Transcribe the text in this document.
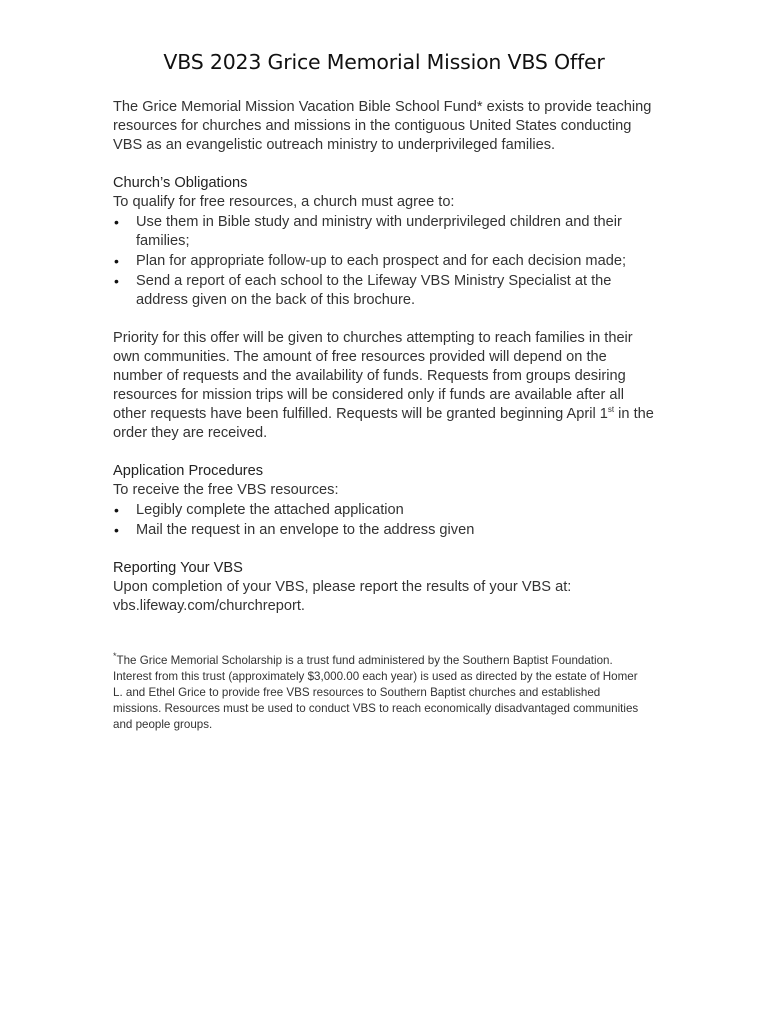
VBS 2023 Grice Memorial Mission VBS Offer

The Grice Memorial Mission Vacation Bible School Fund* exists to provide teaching resources for churches and missions in the contiguous United States conducting VBS as an evangelistic outreach ministry to underprivileged families.

Church’s Obligations

To qualify for free resources, a church must agree to:

• Use them in Bible study and ministry with underprivileged children and their families;
• Plan for appropriate follow-up to each prospect and for each decision made;
• Send a report of each school to the Lifeway VBS Ministry Specialist at the address given on the back of this brochure.

Priority for this offer will be given to churches attempting to reach families in their own communities. The amount of free resources provided will depend on the number of requests and the availability of funds. Requests from groups desiring resources for mission trips will be considered only if funds are available after all other requests have been fulfilled. Requests will be granted beginning April 1st in the order they are received.

Application Procedures

To receive the free VBS resources:

• Legibly complete the attached application
• Mail the request in an envelope to the address given

Reporting Your VBS

Upon completion of your VBS, please report the results of your VBS at: vbs.lifeway.com/churchreport.

*The Grice Memorial Scholarship is a trust fund administered by the Southern Baptist Foundation. Interest from this trust (approximately $3,000.00 each year) is used as directed by the estate of Homer L. and Ethel Grice to provide free VBS resources to Southern Baptist churches and established missions. Resources must be used to conduct VBS to reach economically disadvantaged communities and people groups.
